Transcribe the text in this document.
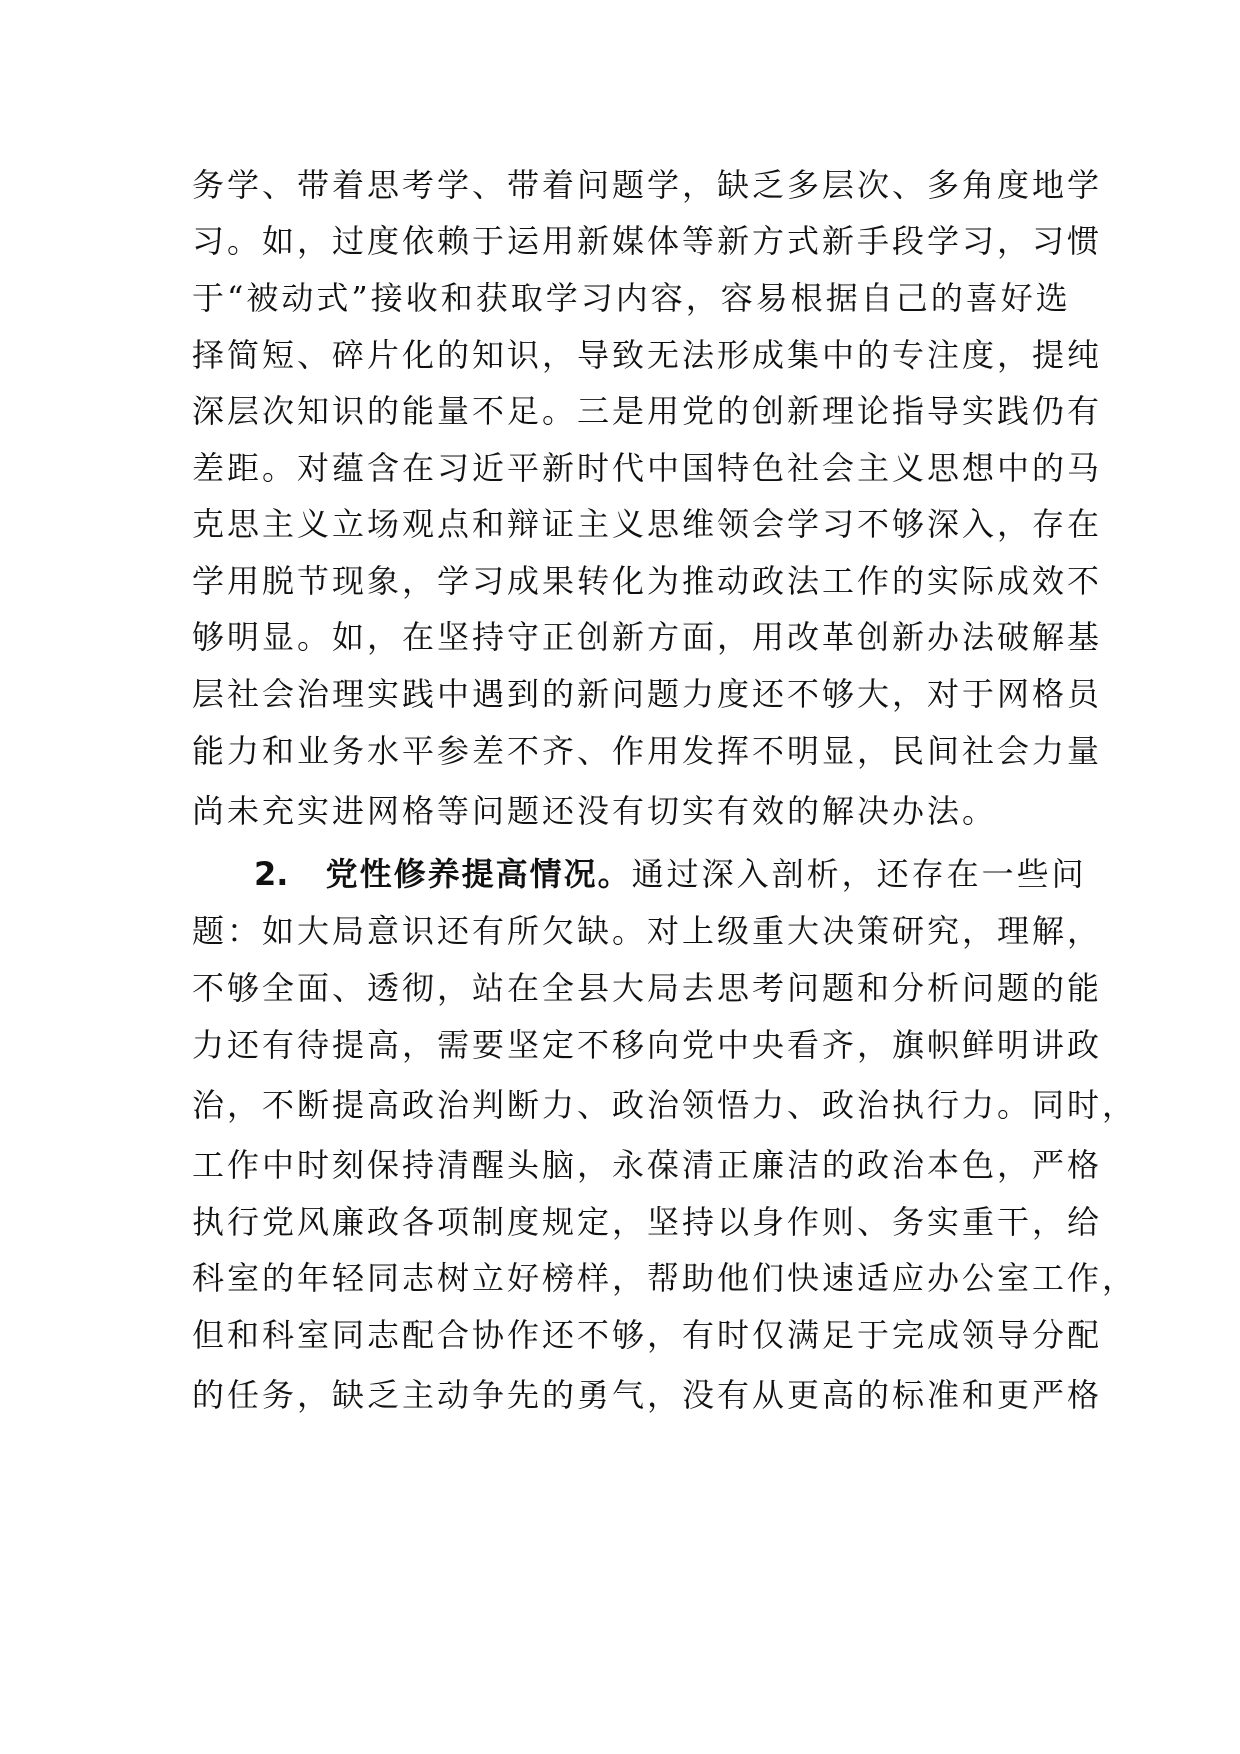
务学、带着思考学、带着问题学，缺乏多层次、多角度地学
习。如，过度依赖于运用新媒体等新方式新手段学习，习惯
于“被动式”接收和获取学习内容，容易根据自己的喜好选
择简短、碎片化的知识，导致无法形成集中的专注度，提纯
深层次知识的能量不足。三是用党的创新理论指导实践仍有
差距。对蕴含在习近平新时代中国特色社会主义思想中的马
克思主义立场观点和辩证主义思维领会学习不够深入，存在
学用脱节现象，学习成果转化为推动政法工作的实际成效不
够明显。如，在坚持守正创新方面，用改革创新办法破解基
层社会治理实践中遇到的新问题力度还不够大，对于网格员
能力和业务水平参差不齐、作用发挥不明显，民间社会力量
尚未充实进网格等问题还没有切实有效的解决办法。
2. 党性修养提高情况。通过深入剖析，还存在一些问
题：如大局意识还有所欠缺。对上级重大决策研究，理解，
不够全面、透彻，站在全县大局去思考问题和分析问题的能
力还有待提高，需要坚定不移向党中央看齐，旗帜鲜明讲政
治，不断提高政治判断力、政治领悟力、政治执行力。同时，
工作中时刻保持清醒头脑，永葆清正廉洁的政治本色，严格
执行党风廉政各项制度规定，坚持以身作则、务实重干，给
科室的年轻同志树立好榜样，帮助他们快速适应办公室工作，
但和科室同志配合协作还不够，有时仅满足于完成领导分配
的任务，缺乏主动争先的勇气，没有从更高的标准和更严格
